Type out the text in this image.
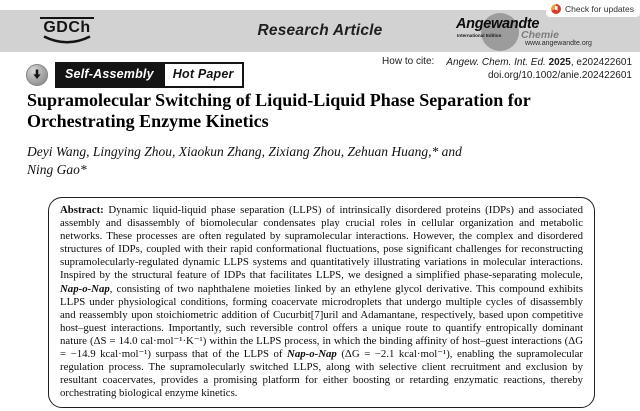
Check for updates
GDCh	Research Article	Angewandte
International Edition Chemie
www.angewandte.org
How to cite: Angew. Chem. Int. Ed. 2025, e202422601
doi.org/10.1002/anie.202422601
Self-Assembly	Hot Paper
Supramolecular Switching of Liquid-Liquid Phase Separation for Orchestrating Enzyme Kinetics
Deyi Wang, Lingying Zhou, Xiaokun Zhang, Zixiang Zhou, Zehuan Huang,* and
Ning Gao*

Abstract: Dynamic liquid-liquid phase separation (LLPS) of intrinsically disordered proteins (IDPs) and associated assembly and disassembly of biomolecular condensates play crucial roles in cellular organization and metabolic networks. These processes are often regulated by supramolecular interactions. However, the complex and disordered structures of IDPs, coupled with their rapid conformational fluctuations, pose significant challenges for reconstructing supramolecularly-regulated dynamic LLPS systems and quantitatively illustrating variations in molecular interactions. Inspired by the structural feature of IDPs that facilitates LLPS, we designed a simplified phase-separating molecule, Nap-o-Nap, consisting of two naphthalene moieties linked by an ethylene glycol derivative. This compound exhibits LLPS under physiological conditions, forming coacervate microdroplets that undergo multiple cycles of disassembly and reassembly upon stoichiometric addition of Cucurbit[7]uril and Adamantane, respectively, based upon competitive host–guest interactions. Importantly, such reversible control offers a unique route to quantify entropically dominant nature (ΔS = 14.0 cal·mol⁻¹·K⁻¹) within the LLPS process, in which the binding affinity of host–guest interactions (ΔG = −14.9 kcal·mol⁻¹) surpass that of the LLPS of Nap-o-Nap (ΔG = −2.1 kcal·mol⁻¹), enabling the supramolecular regulation process. The supramolecularly switched LLPS, along with selective client recruitment and exclusion by resultant coacervates, provides a promising platform for either boosting or retarding enzymatic reactions, thereby orchestrating biological enzyme kinetics.
